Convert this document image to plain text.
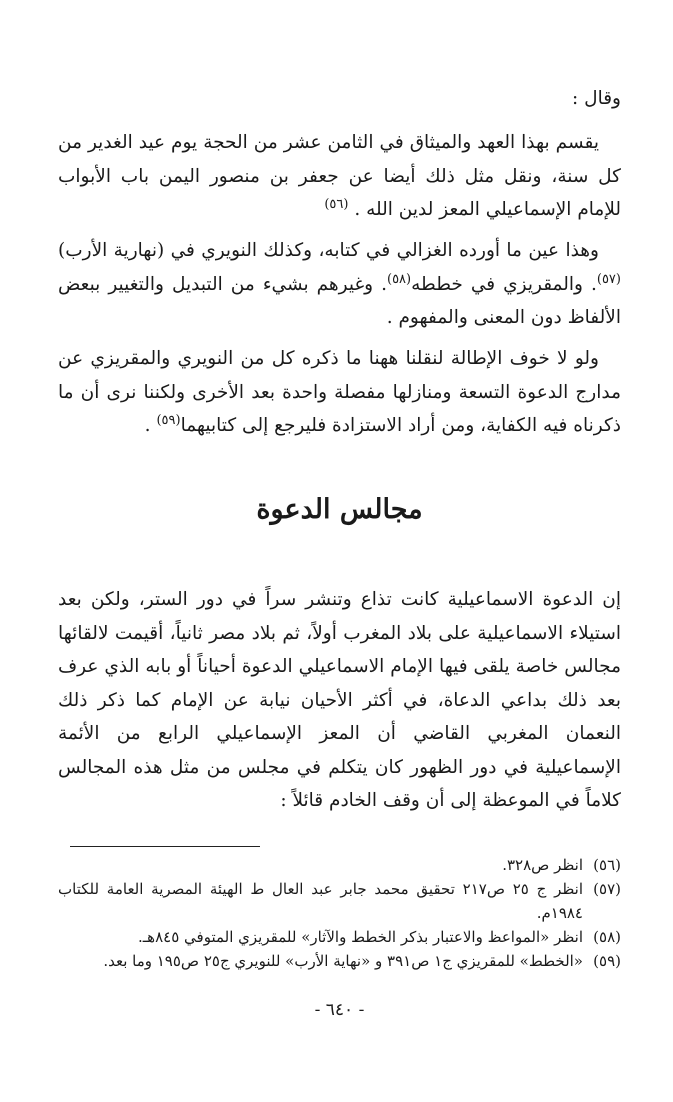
وقال :

يقسم بهذا العهد والميثاق في الثامن عشر من الحجة يوم عيد الغدير من كل سنة، ونقل مثل ذلك أيضا عن جعفر بن منصور اليمن باب الأبواب للإمام الإسماعيلي المعز لدين الله . $^{(٥٦)}$

وهذا عين ما أورده الغزالي في كتابه، وكذلك النويري في (نهارية الأرب)$^{(٥٧)}$. والمقريزي في خططه$^{(٥٨)}$. وغيرهم بشيء من التبديل والتغيير ببعض الألفاظ دون المعنى والمفهوم .

ولو لا خوف الإطالة لنقلنا ههنا ما ذكره كل من النويري والمقريزي عن مدارج الدعوة التسعة ومنازلها مفصلة واحدة بعد الأخرى ولكننا نرى أن ما ذكرناه فيه الكفاية، ومن أراد الاستزادة فليرجع إلى كتابيهما$^{(٥٩)}$ .

مجالس الدعوة

إن الدعوة الاسماعيلية كانت تذاع وتنشر سراً في دور الستر، ولكن بعد استيلاء الاسماعيلية على بلاد المغرب أولاً، ثم بلاد مصر ثانياً، أقيمت لالقائها مجالس خاصة يلقى فيها الإمام الاسماعيلي الدعوة أحياناً أو بابه الذي عرف بعد ذلك بداعي الدعاة، في أكثر الأحيان نيابة عن الإمام كما ذكر ذلك النعمان المغربي القاضي أن المعز الإسماعيلي الرابع من الأئمة الإسماعيلية في دور الظهور كان يتكلم في مجلس من مثل هذه المجالس كلاماً في الموعظة إلى أن وقف الخادم قائلاً :

(٥٦)
انظر ص٣٢٨.
(٥٧)
انظر ج ٢٥ ص٢١٧ تحقيق محمد جابر عبد العال ط الهيئة المصرية العامة للكتاب ١٩٨٤م.
(٥٨)
انظر «المواعظ والاعتبار بذكر الخطط والآثار» للمقريزي المتوفي ٨٤٥هـ.
(٥٩)
«الخطط» للمقريزي ج١ ص٣٩١ و «نهاية الأرب» للنويري ج٢٥ ص١٩٥ وما بعد.

- ٦٤٠ -
